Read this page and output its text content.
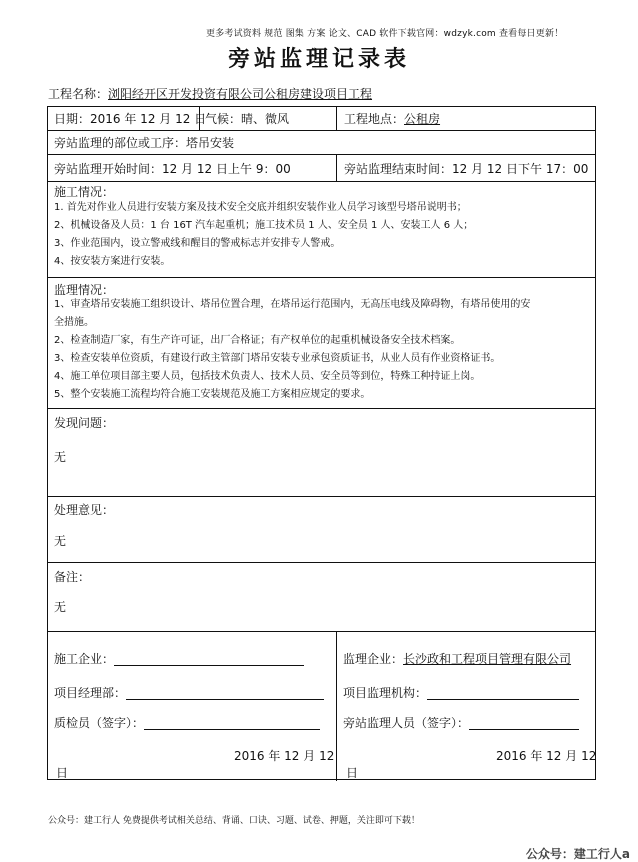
更多考试资料 规范 图集 方案 论文、CAD 软件下载官网：wdzyk.com 查看每日更新！
旁站监理记录表
工程名称：浏阳经开区开发投资有限公司公租房建设项目工程
日期：2016 年 12 月 12 日
气候：晴、微风	工程地点：公租房
旁站监理的部位或工序：塔吊安装
旁站监理开始时间：12 月 12 日上午 9：00	旁站监理结束时间：12 月 12 日下午 17：00
施工情况：
1. 首先对作业人员进行安装方案及技术安全交底并组织安装作业人员学习该型号塔吊说明书；
2、机械设备及人员：1 台 16T 汽车起重机；施工技术员 1 人、安全员 1 人、安装工人 6 人；
3、作业范围内，设立警戒线和醒目的警戒标志并安排专人警戒。
4、按安装方案进行安装。
监理情况：
1、审查塔吊安装施工组织设计、塔吊位置合理，在塔吊运行范围内，无高压电线及障碍物，有塔吊使用的安
全措施。
2、检查制造厂家，有生产许可证，出厂合格证；有产权单位的起重机械设备安全技术档案。
3、检查安装单位资质，有建设行政主管部门塔吊安装专业承包资质证书，从业人员有作业资格证书。
4、施工单位项目部主要人员，包括技术负责人、技术人员、安全员等到位，特殊工种持证上岗。
5、整个安装施工流程均符合施工安装规范及施工方案相应规定的要求。
发现问题：
无
处理意见：
无
备注：
无
施工企业：
项目经理部：
质检员（签字）：
2016 年 12 月 12
日
监理企业：长沙政和工程项目管理有限公司
项目监理机构：
旁站监理人员（签字）：
2016 年 12 月 12
日
公众号：建工行人 免费提供考试相关总结、背诵、口诀、习题、试卷、押题，关注即可下载！
公众号：建工行人a
